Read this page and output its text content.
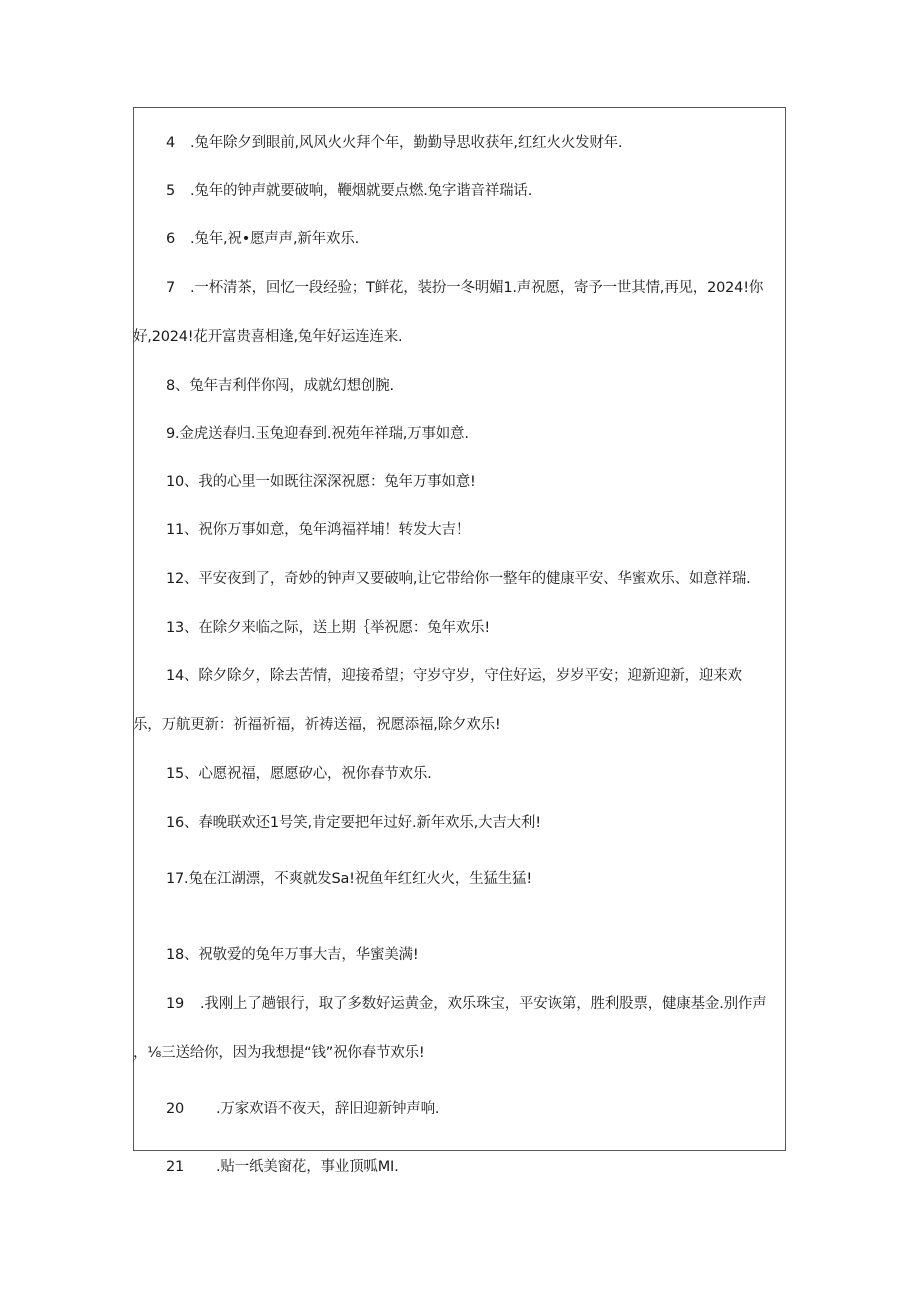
4 .兔年除夕到眼前,风风火火拜个年，勤勤导思收获年,红红火火发财年.
5 .兔年的钟声就要破响，鞭烟就要点燃.兔字谐音祥瑞话.
6 .兔年,祝•愿声声,新年欢乐.
7 .一杯清茶，回忆一段经验；T鲜花，装扮一冬明媚1.声祝愿，寄予一世其情,再见，2024!你
好,2024!花开富贵喜相逢,兔年好运连连来.
8、兔年吉利伴你闯，成就幻想创腕.
9.金虎送春归.玉兔迎春到.祝苑年祥瑞,万事如意.
10、我的心里一如既往深深祝愿：兔年万事如意!
11、祝你万事如意，兔年鸿福祥埔！转发大吉！
12、平安夜到了，奇妙的钟声又要破响,让它带给你一整年的健康平安、华蜜欢乐、如意祥瑞.
13、在除夕来临之际，送上期｛举祝愿：兔年欢乐!
14、除夕除夕，除去苦情，迎接希望；守岁守岁，守住好运，岁岁平安；迎新迎新，迎来欢
乐，万航更新：祈福祈福，祈祷送福，祝愿添福,除夕欢乐!
15、心愿祝福，愿愿矽心，祝你春节欢乐.
16、春晚联欢还1号笑,肯定要把年过好.新年欢乐,大吉大利!
17.兔在江湖漂，不爽就发Sa!祝鱼年红红火火，生猛生猛!
18、祝敬爱的兔年万事大吉，华蜜美满!
19 .我刚上了趟银行，取了多数好运黄金，欢乐珠宝，平安诙第，胜利股票，健康基金.别作声
，⅛三送给你，因为我想提“钱”祝你春节欢乐!
20 .万家欢语不夜天，辞旧迎新钟声响.
21 .贴一纸美窗花，事业顶呱MI.
